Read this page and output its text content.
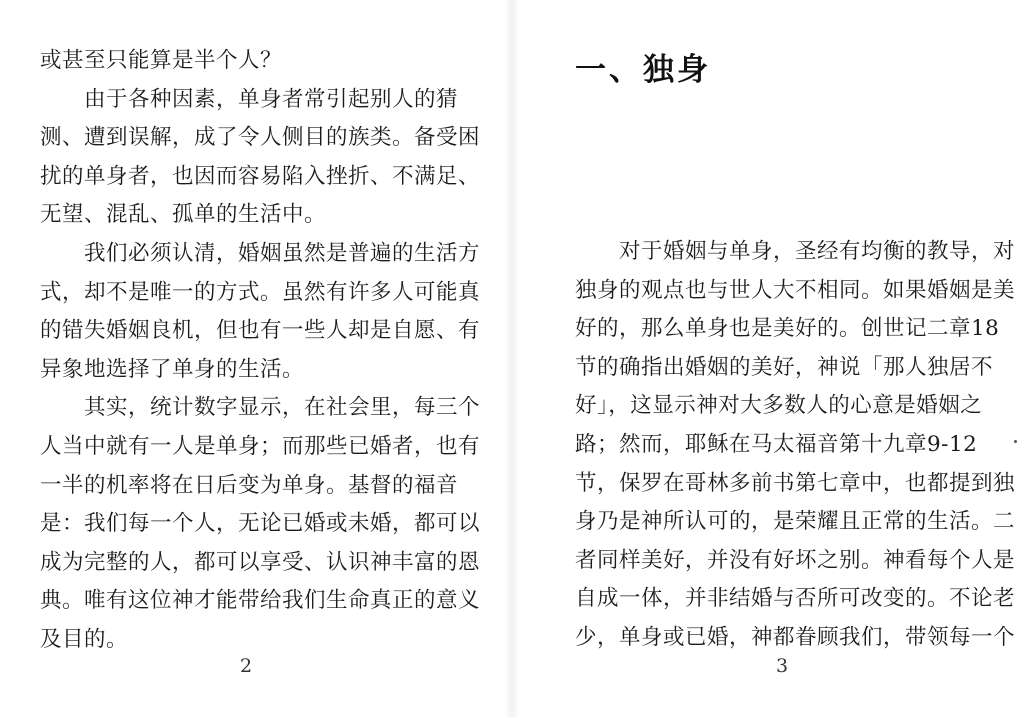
或甚至只能算是半个人？

　　由于各种因素，单身者常引起别人的猜

测、遭到误解，成了令人侧目的族类。备受困

扰的单身者，也因而容易陷入挫折、不满足、

无望、混乱、孤单的生活中。

　　我们必须认清，婚姻虽然是普遍的生活方

式，却不是唯一的方式。虽然有许多人可能真

的错失婚姻良机，但也有一些人却是自愿、有

异象地选择了单身的生活。

　　其实，统计数字显示，在社会里，每三个

人当中就有一人是单身；而那些已婚者，也有

一半的机率将在日后变为单身。基督的福音

是：我们每一个人，无论已婚或未婚，都可以

成为完整的人，都可以享受、认识神丰富的恩

典。唯有这位神才能带给我们生命真正的意义

及目的。

2
一、独身

　　对于婚姻与单身，圣经有均衡的教导，对

独身的观点也与世人大不相同。如果婚姻是美

好的，那么单身也是美好的。创世记二章18

节的确指出婚姻的美好，神说「那人独居不

好」，这显示神对大多数人的心意是婚姻之

路；然而，耶稣在马太福音第十九章9-12

节，保罗在哥林多前书第七章中，也都提到独

身乃是神所认可的，是荣耀且正常的生活。二

者同样美好，并没有好坏之别。神看每个人是

自成一体，并非结婚与否所可改变的。不论老

少，单身或已婚，神都眷顾我们，带领每一个

3
